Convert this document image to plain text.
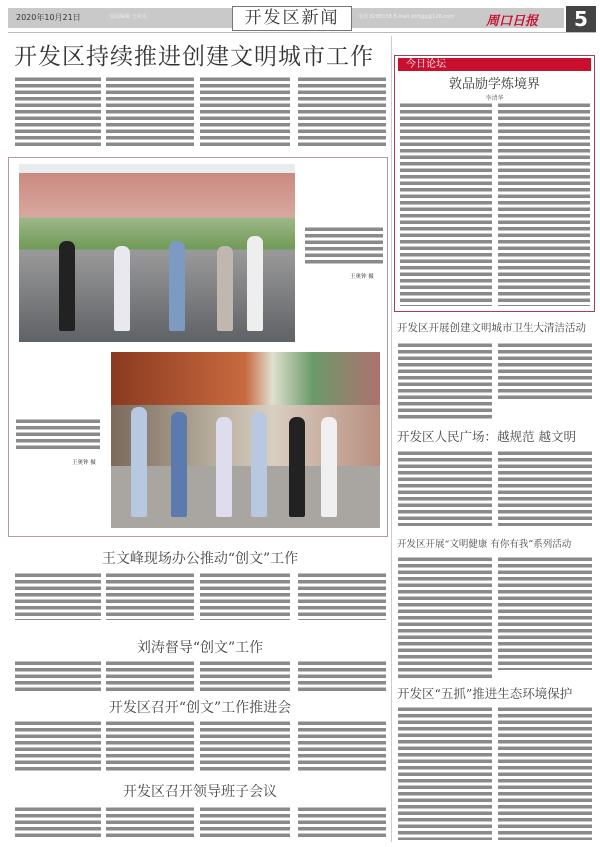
2020年10月21日	版面编辑 王荣禾	电话 8288158 E-mail zkrbjjg@126.com
开发区新闻	周口日报	5
开发区持续推进创建文明城市工作
王奥钟 摄
王奥钟 摄
今日论坛
敦品励学炼境界
李清华
开发区开展创建文明城市卫生大清洁活动
开发区人民广场：越规范 越文明
开发区开展“文明健康 有你有我”系列活动
开发区“五抓”推进生态环境保护
王文峰现场办公推动“创文”工作
刘涛督导“创文”工作
开发区召开“创文”工作推进会
开发区召开领导班子会议
